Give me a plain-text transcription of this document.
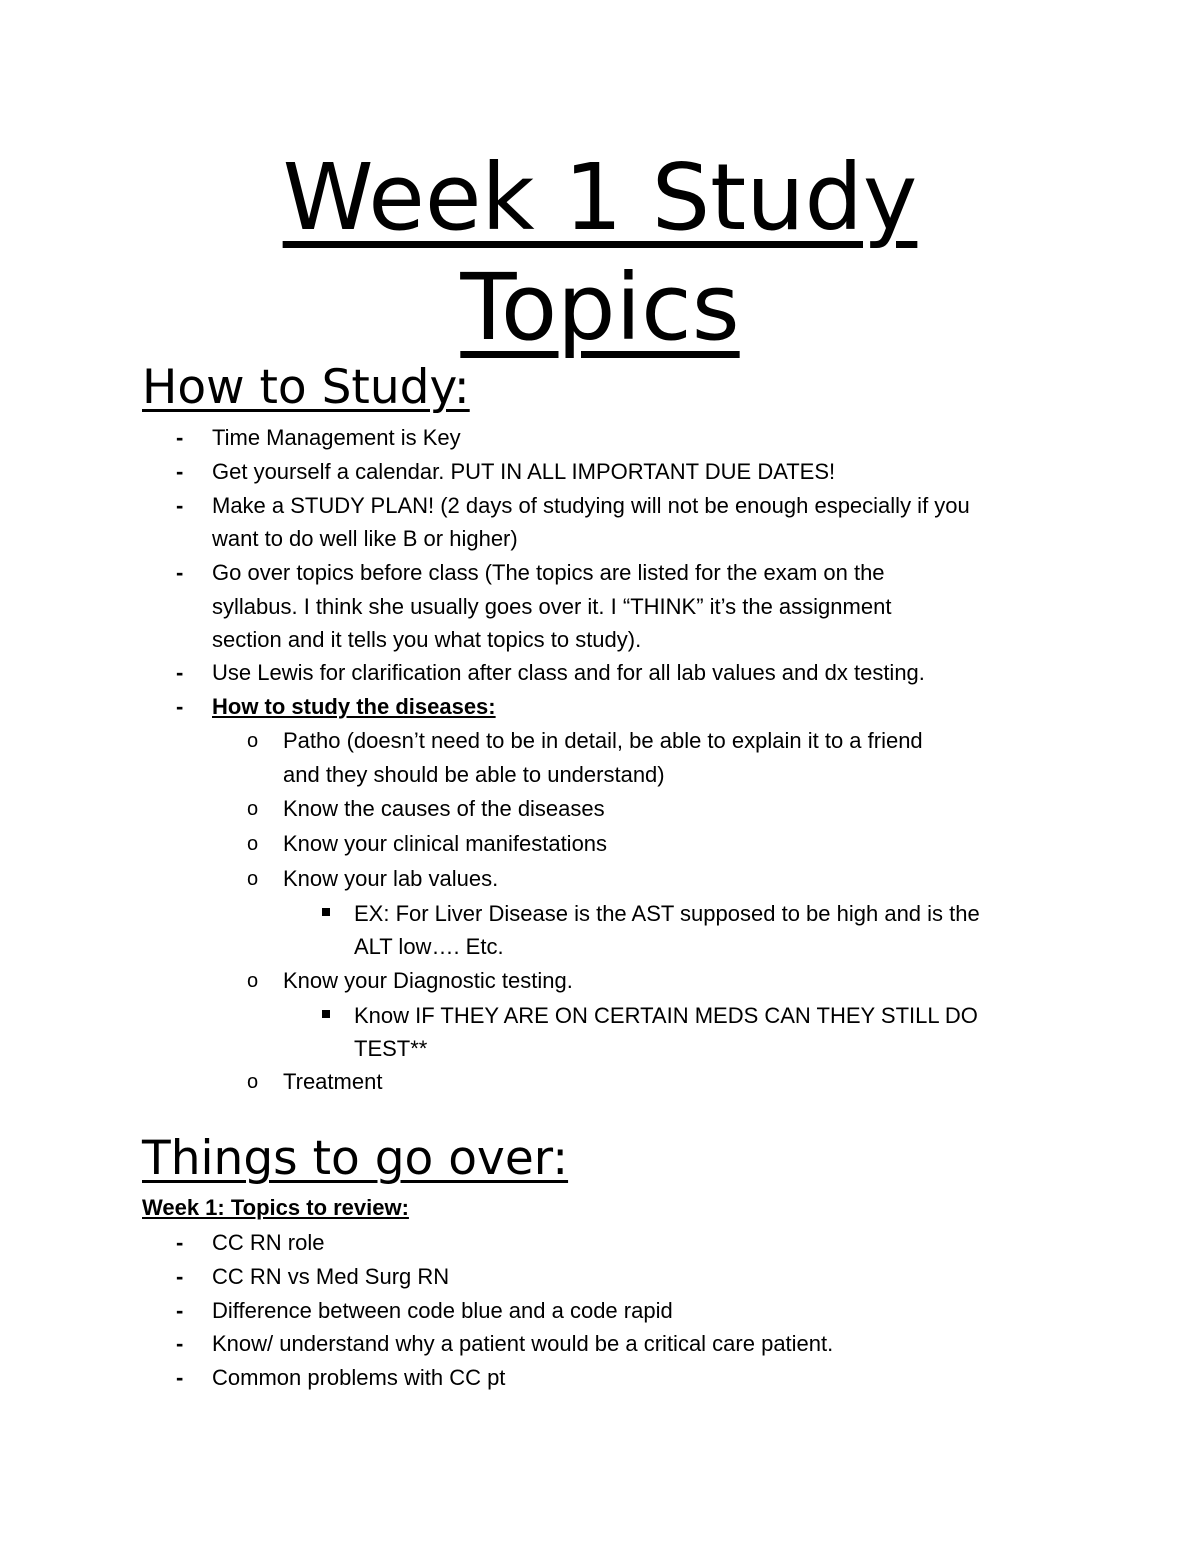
Week 1 Study
Topics
How to Study:
- Time Management is Key
- Get yourself a calendar. PUT IN ALL IMPORTANT DUE DATES!
- Make a STUDY PLAN! (2 days of studying will not be enough especially if you
want to do well like B or higher)
- Go over topics before class (The topics are listed for the exam on the
syllabus. I think she usually goes over it. I “THINK” it’s the assignment
section and it tells you what topics to study).
- Use Lewis for clarification after class and for all lab values and dx testing.
- How to study the diseases:
o Patho (doesn’t need to be in detail, be able to explain it to a friend
and they should be able to understand)
o Know the causes of the diseases
o Know your clinical manifestations
o Know your lab values.
EX: For Liver Disease is the AST supposed to be high and is the
ALT low…. Etc.
o Know your Diagnostic testing.
Know IF THEY ARE ON CERTAIN MEDS CAN THEY STILL DO
TEST**
o Treatment
Things to go over:
Week 1: Topics to review:
- CC RN role
- CC RN vs Med Surg RN
- Difference between code blue and a code rapid
- Know/ understand why a patient would be a critical care patient.
- Common problems with CC pt
